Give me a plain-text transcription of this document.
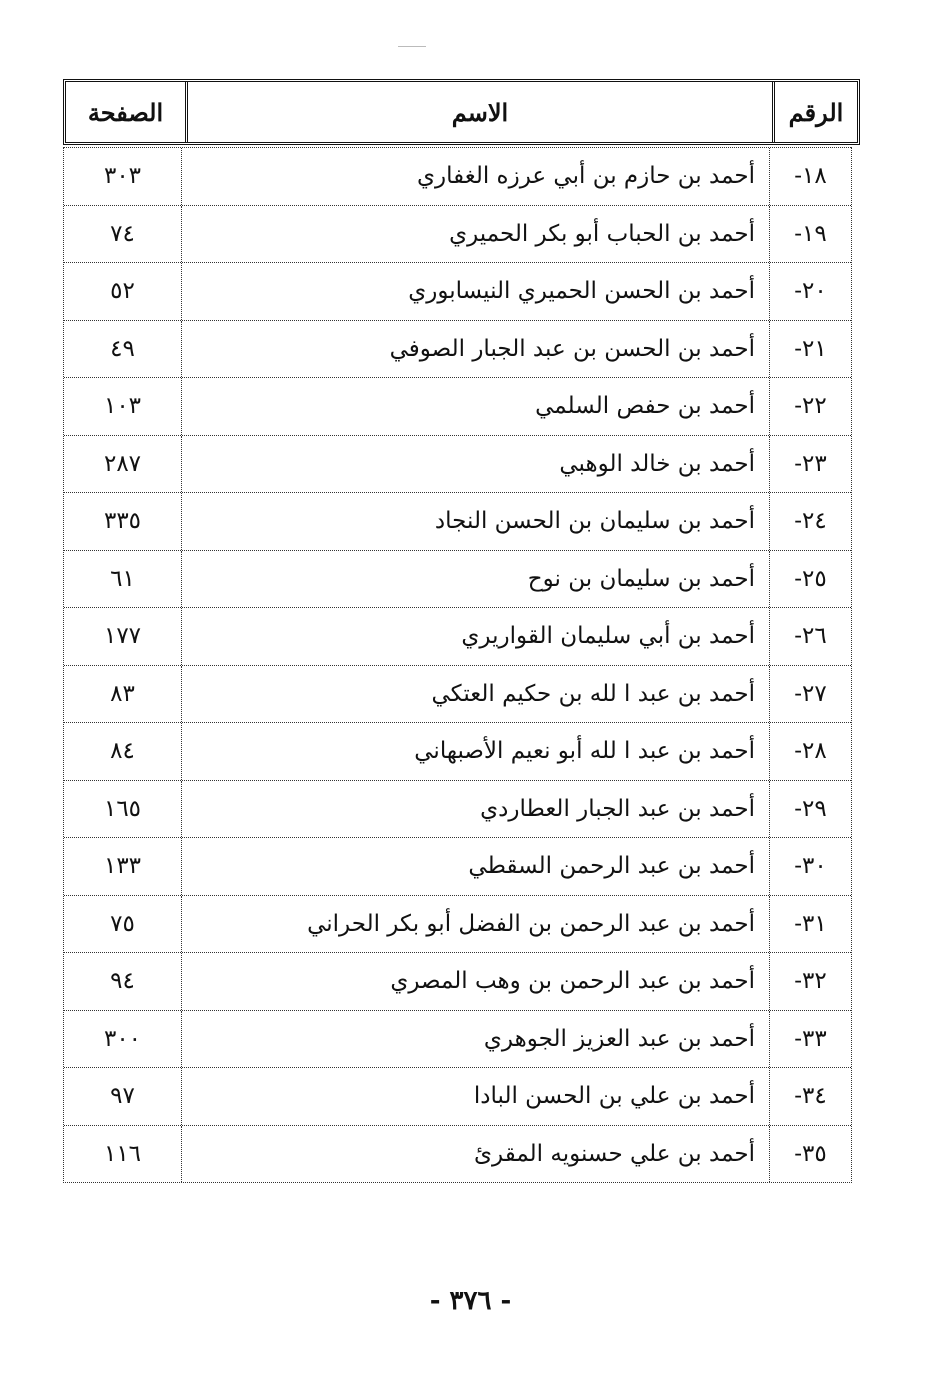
الرقم
الاسم
الصفحة
١٨-
أحمد بن حازم بن أبي عرزه الغفاري
٣٠٣
١٩-
أحمد بن الحباب أبو بكر الحميري
٧٤
٢٠-
أحمد بن الحسن الحميري النيسابوري
٥٢
٢١-
أحمد بن الحسن بن عبد الجبار الصوفي
٤٩
٢٢-
أحمد بن حفص السلمي
١٠٣
٢٣-
أحمد بن خالد الوهبي
٢٨٧
٢٤-
أحمد بن سليمان بن الحسن النجاد
٣٣٥
٢٥-
أحمد بن سليمان بن نوح
٦١
٢٦-
أحمد بن أبي سليمان القواريري
١٧٧
٢٧-
أحمد بن عبد ا لله بن حكيم العتكي
٨٣
٢٨-
أحمد بن عبد ا لله أبو نعيم الأصبهاني
٨٤
٢٩-
أحمد بن عبد الجبار العطاردي
١٦٥
٣٠-
أحمد بن عبد الرحمن السقطي
١٣٣
٣١-
أحمد بن عبد الرحمن بن الفضل أبو بكر الحراني
٧٥
٣٢-
أحمد بن عبد الرحمن بن وهب المصري
٩٤
٣٣-
أحمد بن عبد العزيز الجوهري
٣٠٠
٣٤-
أحمد بن علي بن الحسن البادا
٩٧
٣٥-
أحمد بن علي حسنويه المقرئ
١١٦
- ٣٧٦ -
